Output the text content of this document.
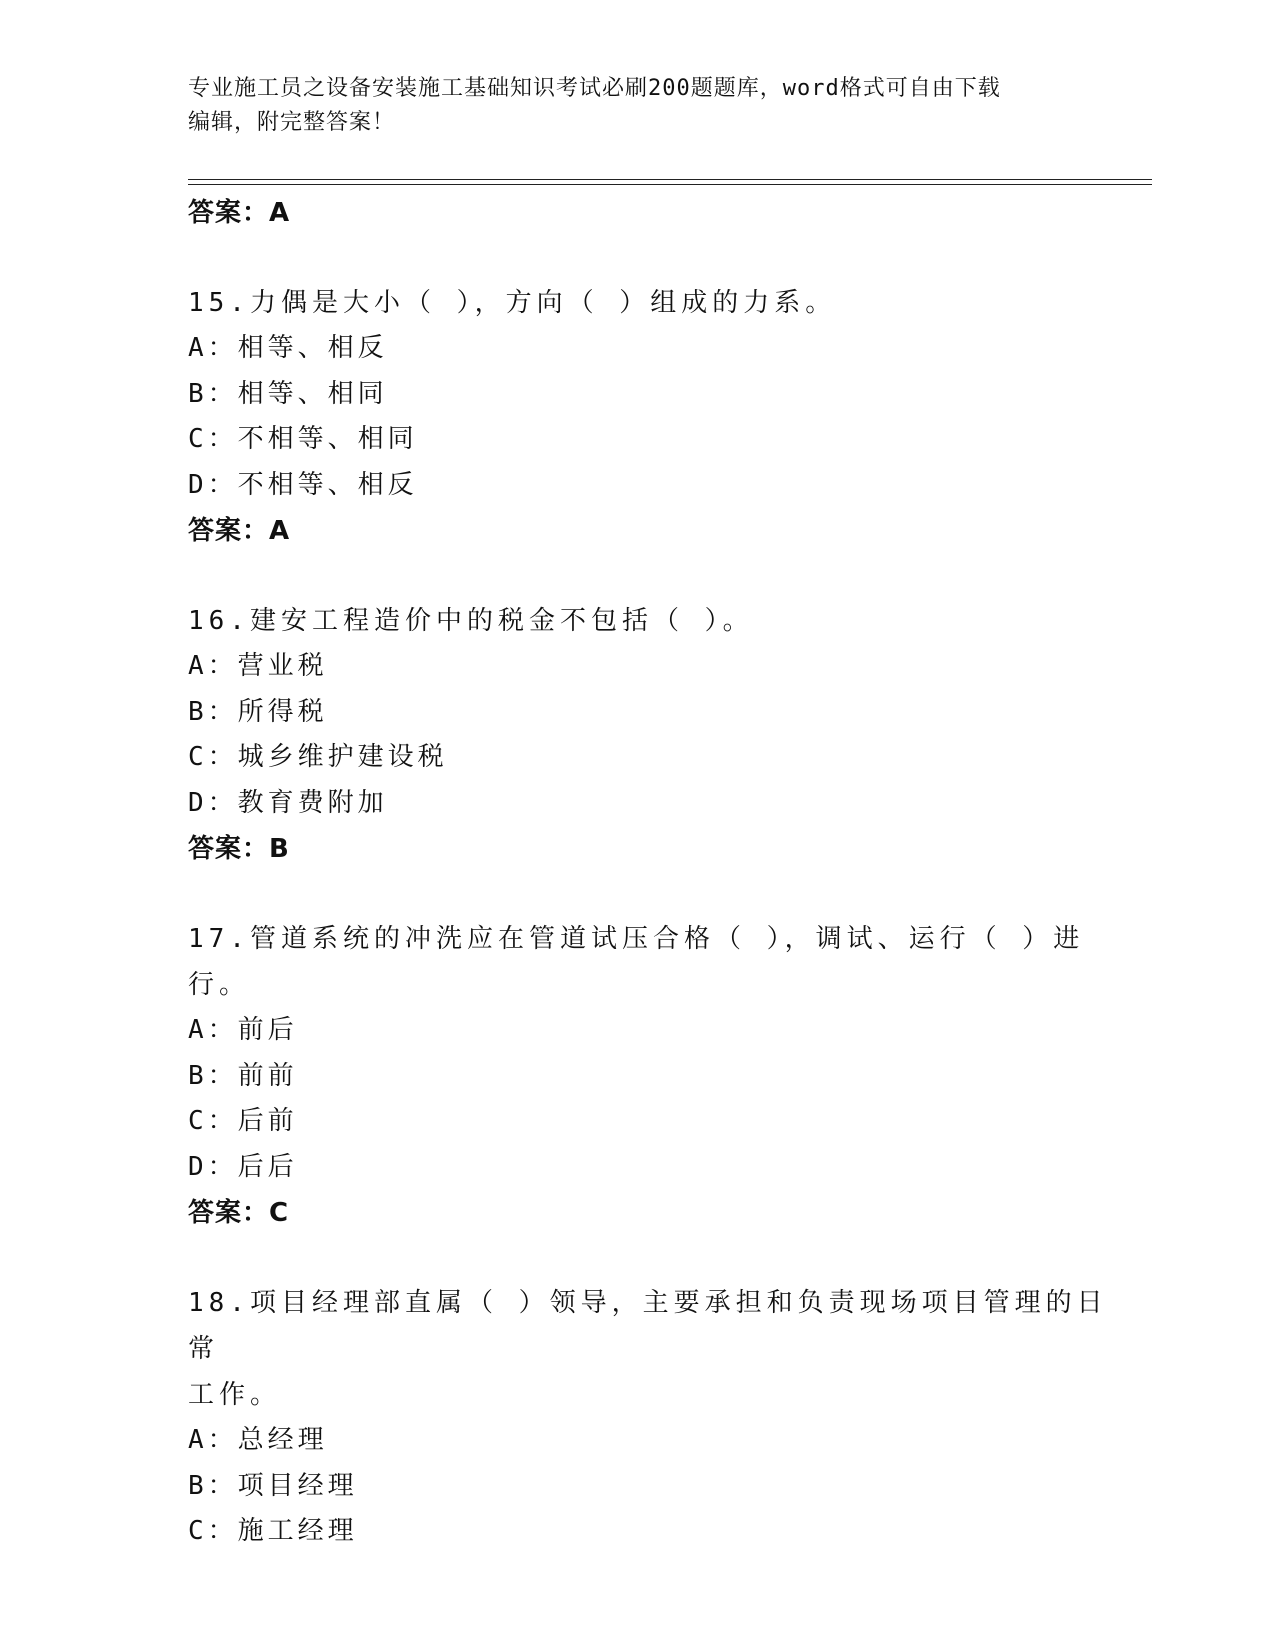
专业施工员之设备安装施工基础知识考试必刷200题题库，word格式可自由下载
编辑，附完整答案！
答案：A
15.力偶是大小（ ），方向（ ）组成的力系。
A：相等、相反
B：相等、相同
C：不相等、相同
D：不相等、相反
答案：A
16.建安工程造价中的税金不包括（ ）。
A：营业税
B：所得税
C：城乡维护建设税
D：教育费附加
答案：B
17.管道系统的冲洗应在管道试压合格（ ），调试、运行（ ）进行。
A：前后
B：前前
C：后前
D：后后
答案：C
18.项目经理部直属（ ）领导，主要承担和负责现场项目管理的日常
工作。
A：总经理
B：项目经理
C：施工经理
